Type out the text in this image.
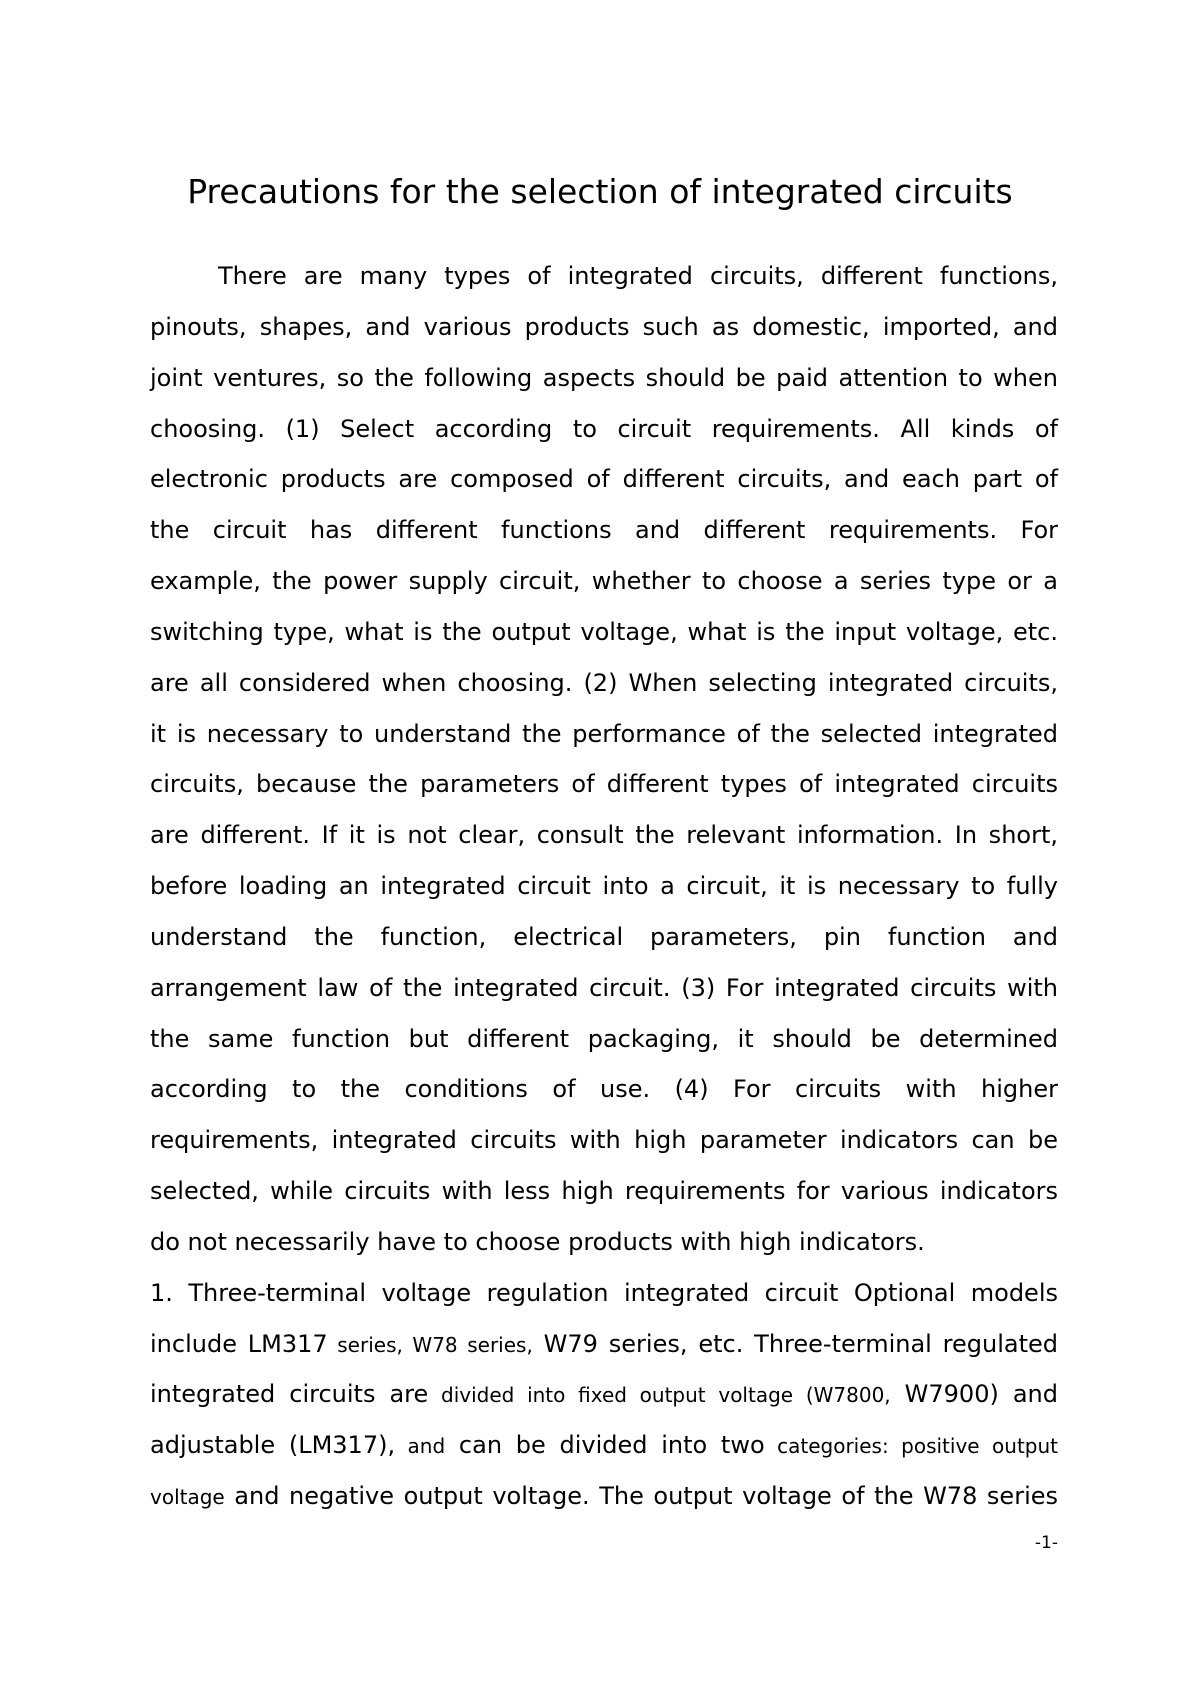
Precautions for the selection of integrated circuits
There are many types of integrated circuits, different functions,
pinouts, shapes, and various products such as domestic, imported, and
joint ventures, so the following aspects should be paid attention to when
choosing. (1) Select according to circuit requirements. All kinds of
electronic products are composed of different circuits, and each part of
the circuit has different functions and different requirements. For
example, the power supply circuit, whether to choose a series type or a
switching type, what is the output voltage, what is the input voltage, etc.
are all considered when choosing. (2) When selecting integrated circuits,
it is necessary to understand the performance of the selected integrated
circuits, because the parameters of different types of integrated circuits
are different. If it is not clear, consult the relevant information. In short,
before loading an integrated circuit into a circuit, it is necessary to fully
understand the function, electrical parameters, pin function and
arrangement law of the integrated circuit. (3) For integrated circuits with
the same function but different packaging, it should be determined
according to the conditions of use. (4) For circuits with higher
requirements, integrated circuits with high parameter indicators can be
selected, while circuits with less high requirements for various indicators
do not necessarily have to choose products with high indicators.
1. Three-terminal voltage regulation integrated circuit Optional models
include LM317 series, W78 series, W79 series, etc. Three-terminal regulated
integrated circuits are divided into fixed output voltage (W7800, W7900) and
adjustable (LM317), and can be divided into two categories: positive output
voltage and negative output voltage. The output voltage of the W78 series
-1-
